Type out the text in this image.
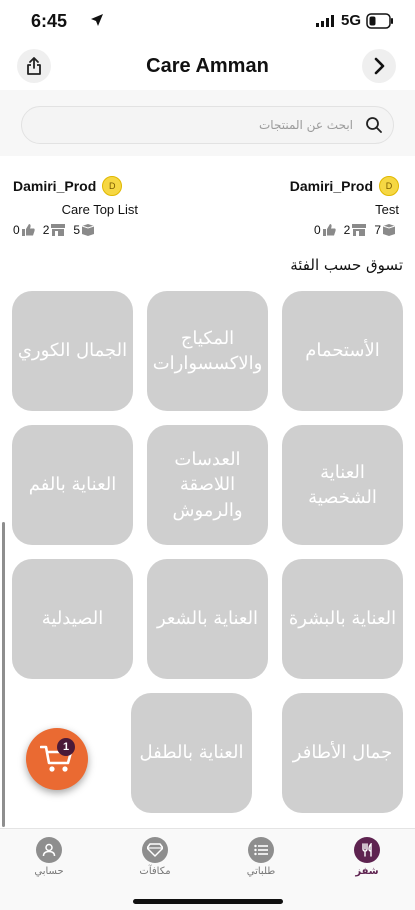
6:45	5G
Care Amman
ابحث عن المنتجات
Damiri_Prod	D
Test
0 2 7
Damiri_Prod	D
Care Top List
0 2 5
تسوق حسب الفئة
الأستحمام
المكياج والاكسسوارات
الجمال الكوري
العناية الشخصية
العدسات اللاصقة والرموش
العناية بالفم
العناية بالبشرة
العناية بالشعر
الصيدلية
جمال الأطافر
العناية بالطفل
1
شفز
طلباتي
مكافآت
حسابي
